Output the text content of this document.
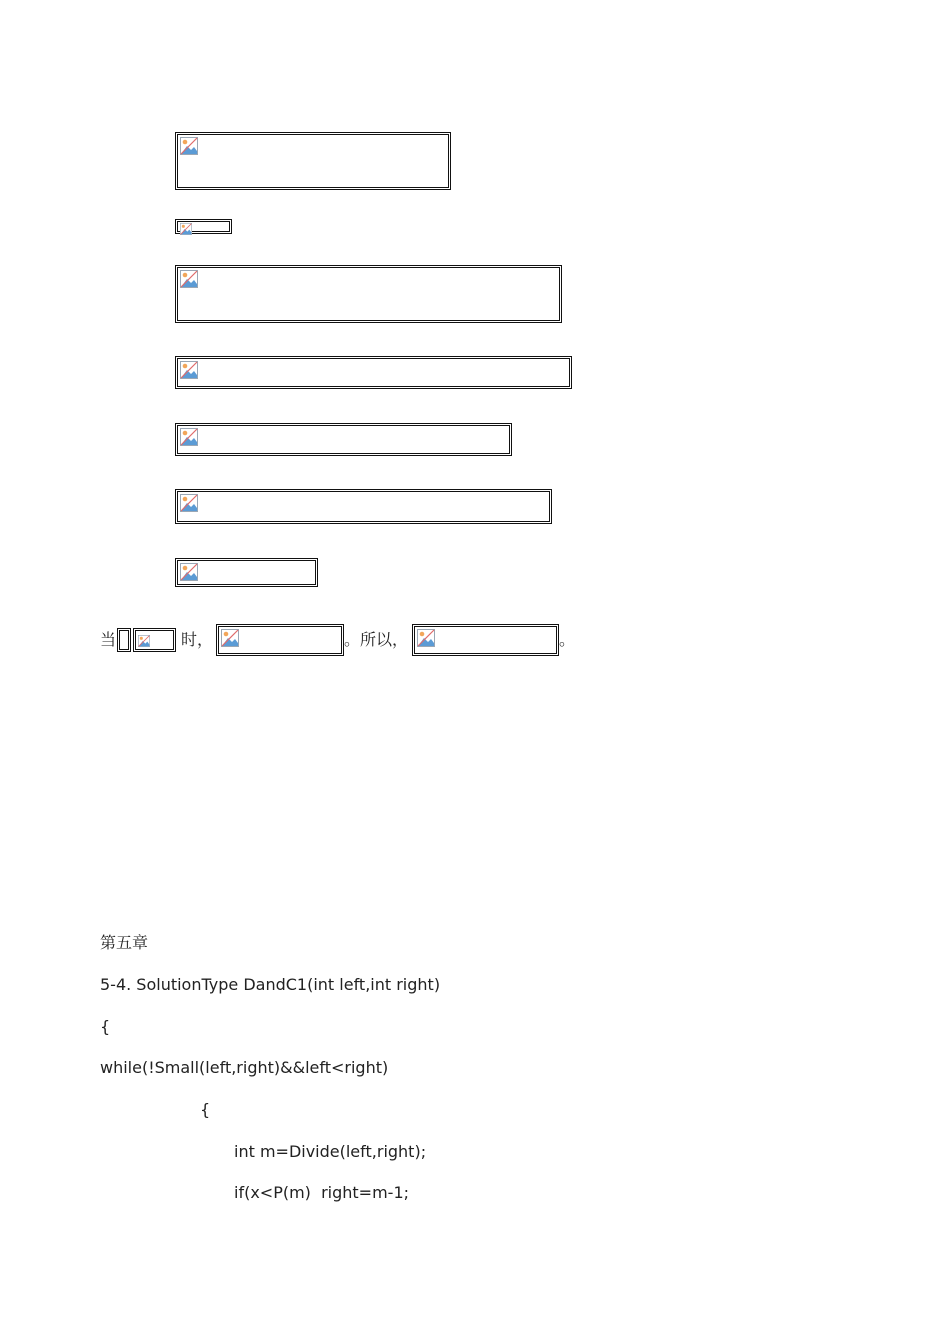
当	时，	。所以，	。
第五章
5-4. SolutionType DandC1(int left,int right)
{
while(!Small(left,right)&&left<right)
{
int m=Divide(left,right);
if(x<P(m)  right=m-1;
